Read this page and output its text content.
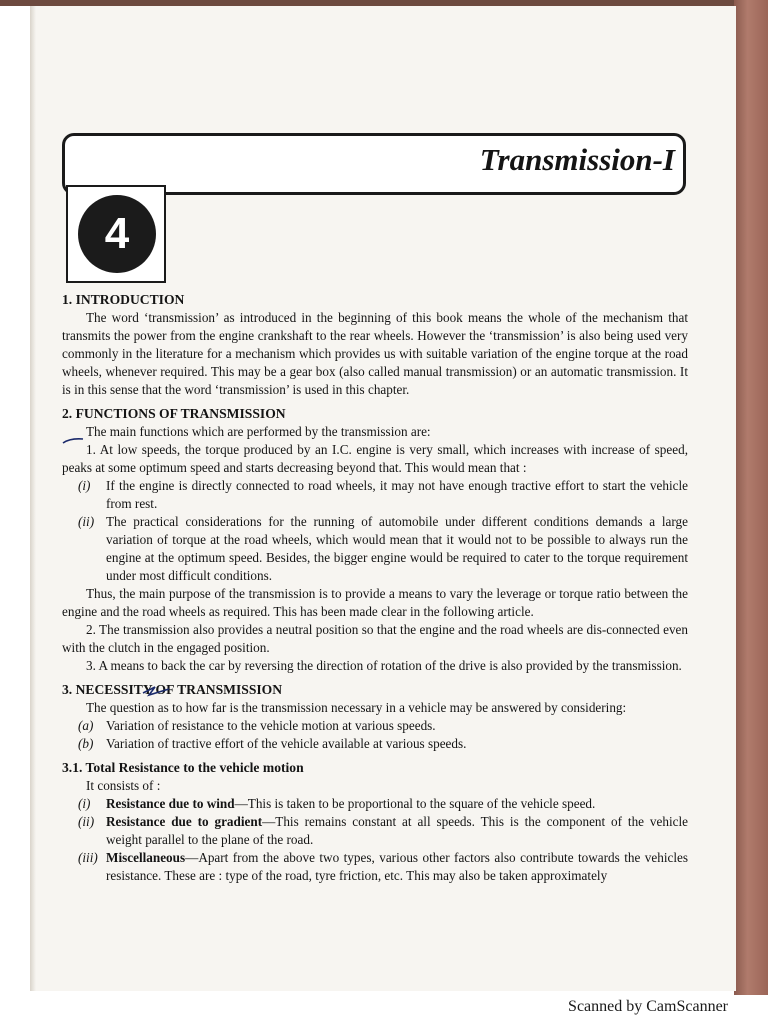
Transmission-I
4
1. INTRODUCTION

The word ‘transmission’ as introduced in the beginning of this book means the whole of the mechanism that transmits the power from the engine crankshaft to the rear wheels. However the ‘transmission’ is also being used very commonly in the literature for a mechanism which provides us with suitable variation of the engine torque at the road wheels, whenever required. This may be a gear box (also called manual transmission) or an automatic transmission. It is in this sense that the word ‘transmission’ is used in this chapter.

2. FUNCTIONS OF TRANSMISSION

The main functions which are performed by the transmission are:

1. At low speeds, the torque produced by an I.C. engine is very small, which increases with increase of speed, peaks at some optimum speed and starts decreasing beyond that. This would mean that :

(i) If the engine is directly connected to road wheels, it may not have enough tractive effort to start the vehicle from rest.
(ii) The practical considerations for the running of automobile under different conditions demands a large variation of torque at the road wheels, which would mean that it would not to be possible to always run the engine at the optimum speed. Besides, the bigger engine would be required to cater to the torque requirement under most difficult conditions.

Thus, the main purpose of the transmission is to provide a means to vary the leverage or torque ratio between the engine and the road wheels as required. This has been made clear in the following article.

2. The transmission also provides a neutral position so that the engine and the road wheels are dis-connected even with the clutch in the engaged position.

3. A means to back the car by reversing the direction of rotation of the drive is also provided by the transmission.

3. NECESSITY OF TRANSMISSION

The question as to how far is the transmission necessary in a vehicle may be answered by considering:

(a) Variation of resistance to the vehicle motion at various speeds.
(b) Variation of tractive effort of the vehicle available at various speeds.
3.1. Total Resistance to the vehicle motion

It consists of :

(i) Resistance due to wind—This is taken to be proportional to the square of the vehicle speed.
(ii) Resistance due to gradient—This remains constant at all speeds. This is the component of the vehicle weight parallel to the plane of the road.
(iii) Miscellaneous—Apart from the above two types, various other factors also contribute towards the vehicles resistance. These are : type of the road, tyre friction, etc. This may also be taken approximately
Scanned by CamScanner
